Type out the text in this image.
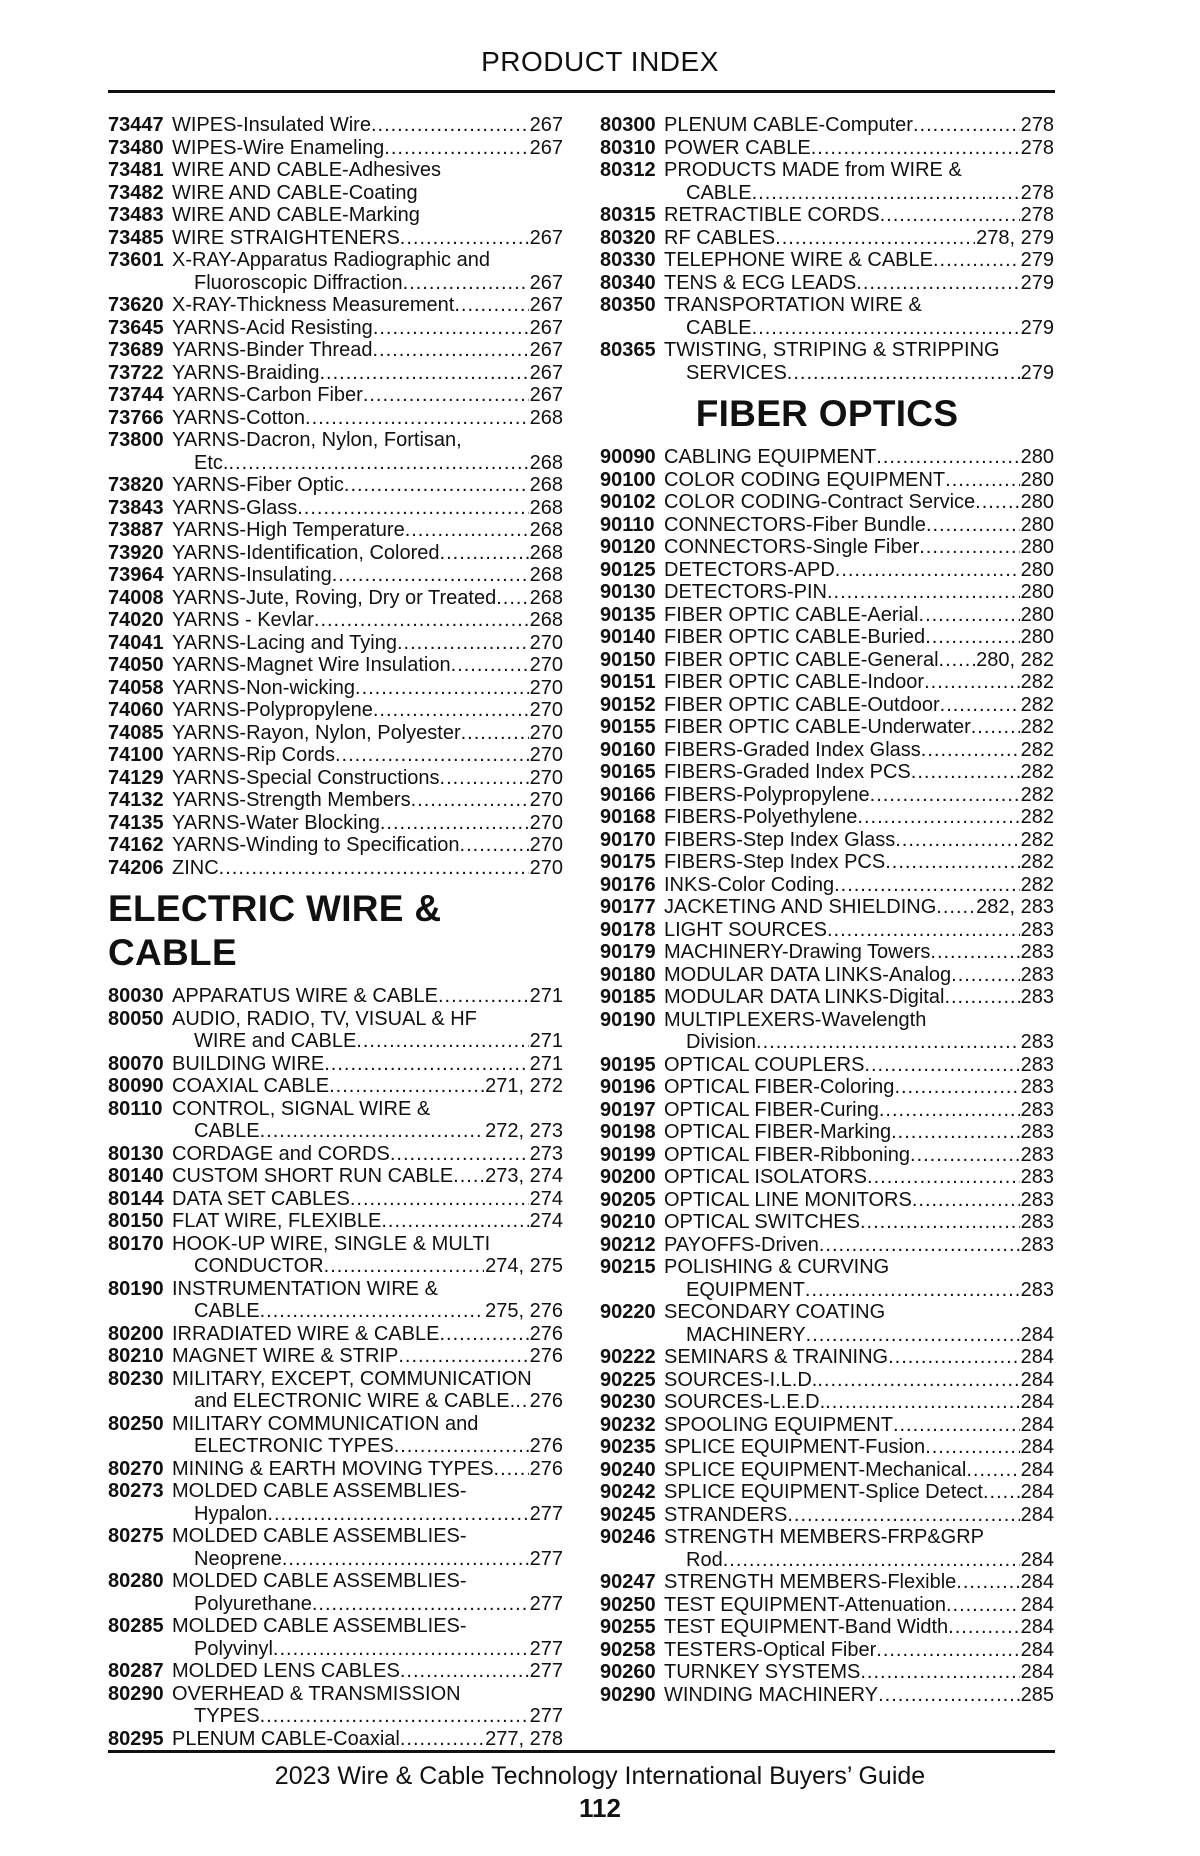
PRODUCT INDEX
73447 WIPES-Insulated Wire .....	267
73480 WIPES-Wire Enameling .....	267
73481 WIRE AND CABLE-Adhesives
73482 WIRE AND CABLE-Coating
73483 WIRE AND CABLE-Marking
73485 WIRE STRAIGHTENERS .....	267
73601 X-RAY-Apparatus Radiographic and
Fluoroscopic Diffraction .....	267
73620 X-RAY-Thickness Measurement .....	267
73645 YARNS-Acid Resisting .....	267
73689 YARNS-Binder Thread .....	267
73722 YARNS-Braiding .....	267
73744 YARNS-Carbon Fiber .....	267
73766 YARNS-Cotton .....	268
73800 YARNS-Dacron, Nylon, Fortisan,
Etc. .....	268
73820 YARNS-Fiber Optic .....	268
73843 YARNS-Glass .....	268
73887 YARNS-High Temperature .....	268
73920 YARNS-Identification, Colored .....	268
73964 YARNS-Insulating .....	268
74008 YARNS-Jute, Roving, Dry or Treated ..... 268
74020 YARNS - Kevlar .....	268
74041 YARNS-Lacing and Tying .....	270
74050 YARNS-Magnet Wire Insulation .....	270
74058 YARNS-Non-wicking .....	270
74060 YARNS-Polypropylene .....	270
74085 YARNS-Rayon, Nylon, Polyester .....	270
74100 YARNS-Rip Cords .....	270
74129 YARNS-Special Constructions .....	270
74132 YARNS-Strength Members .....	270
74135 YARNS-Water Blocking .....	270
74162 YARNS-Winding to Specification .....	270
74206 ZINC .....	270
ELECTRIC WIRE & CABLE
80030 APPARATUS WIRE & CABLE .....	271
80050 AUDIO, RADIO, TV, VISUAL & HF
WIRE and CABLE .....	271
80070 BUILDING WIRE .....	271
80090 COAXIAL CABLE .....	271, 272
80110 CONTROL, SIGNAL WIRE &
CABLE .....	272, 273
80130 CORDAGE and CORDS .....	273
80140 CUSTOM SHORT RUN CABLE ..... 273, 274
80144 DATA SET CABLES .....	274
80150 FLAT WIRE, FLEXIBLE .....	274
80170 HOOK-UP WIRE, SINGLE & MULTI
CONDUCTOR .....	274, 275
80190 INSTRUMENTATION WIRE &
CABLE .....	275, 276
80200 IRRADIATED WIRE & CABLE .....	276
80210 MAGNET WIRE & STRIP .....	276
80230 MILITARY, EXCEPT, COMMUNICATION
and ELECTRONIC WIRE & CABLE. ..... 276
80250 MILITARY COMMUNICATION and
ELECTRONIC TYPES .....	276
80270 MINING & EARTH MOVING TYPES ..... 276
80273 MOLDED CABLE ASSEMBLIES-
Hypalon .....	277
80275 MOLDED CABLE ASSEMBLIES-
Neoprene .....	277
80280 MOLDED CABLE ASSEMBLIES-
Polyurethane .....	277
80285 MOLDED CABLE ASSEMBLIES-
Polyvinyl .....	277
80287 MOLDED LENS CABLES .....	277
80290 OVERHEAD & TRANSMISSION
TYPES .....	277
80295 PLENUM CABLE-Coaxial .....	277, 278
80300 PLENUM CABLE-Computer .....	278
80310 POWER CABLE .....	278
80312 PRODUCTS MADE from WIRE &
CABLE .....	278
80315 RETRACTIBLE CORDS .....	278
80320 RF CABLES .....	278, 279
80330 TELEPHONE WIRE & CABLE .....	279
80340 TENS & ECG LEADS .....	279
80350 TRANSPORTATION WIRE &
CABLE .....	279
80365 TWISTING, STRIPING & STRIPPING
SERVICES .....	279
FIBER OPTICS
90090 CABLING EQUIPMENT .....	280
90100 COLOR CODING EQUIPMENT .....	280
90102 COLOR CODING-Contract Service ..... 280
90110 CONNECTORS-Fiber Bundle .....	280
90120 CONNECTORS-Single Fiber .....	280
90125 DETECTORS-APD .....	280
90130 DETECTORS-PIN .....	280
90135 FIBER OPTIC CABLE-Aerial .....	280
90140 FIBER OPTIC CABLE-Buried .....	280
90150 FIBER OPTIC CABLE-General ..... 280, 282
90151 FIBER OPTIC CABLE-Indoor .....	282
90152 FIBER OPTIC CABLE-Outdoor .....	282
90155 FIBER OPTIC CABLE-Underwater ..... 282
90160 FIBERS-Graded Index Glass .....	282
90165 FIBERS-Graded Index PCS .....	282
90166 FIBERS-Polypropylene .....	282
90168 FIBERS-Polyethylene .....	282
90170 FIBERS-Step Index Glass .....	282
90175 FIBERS-Step Index PCS .....	282
90176 INKS-Color Coding .....	282
90177 JACKETING AND SHIELDING ..... 282, 283
90178 LIGHT SOURCES .....	283
90179 MACHINERY-Drawing Towers .....	283
90180 MODULAR DATA LINKS-Analog .....	283
90185 MODULAR DATA LINKS-Digital .....	283
90190 MULTIPLEXERS-Wavelength
Division .....	283
90195 OPTICAL COUPLERS .....	283
90196 OPTICAL FIBER-Coloring .....	283
90197 OPTICAL FIBER-Curing .....	283
90198 OPTICAL FIBER-Marking .....	283
90199 OPTICAL FIBER-Ribboning .....	283
90200 OPTICAL ISOLATORS .....	283
90205 OPTICAL LINE MONITORS .....	283
90210 OPTICAL SWITCHES .....	283
90212 PAYOFFS-Driven .....	283
90215 POLISHING & CURVING
EQUIPMENT .....	283
90220 SECONDARY COATING
MACHINERY .....	284
90222 SEMINARS & TRAINING .....	284
90225 SOURCES-I.L.D. .....	284
90230 SOURCES-L.E.D. .....	284
90232 SPOOLING EQUIPMENT .....	284
90235 SPLICE EQUIPMENT-Fusion .....	284
90240 SPLICE EQUIPMENT-Mechanical .....	284
90242 SPLICE EQUIPMENT-Splice Detect ..... 284
90245 STRANDERS .....	284
90246 STRENGTH MEMBERS-FRP&GRP
Rod .....	284
90247 STRENGTH MEMBERS-Flexible .....	284
90250 TEST EQUIPMENT-Attenuation .....	284
90255 TEST EQUIPMENT-Band Width .....	284
90258 TESTERS-Optical Fiber .....	284
90260 TURNKEY SYSTEMS .....	284
90290 WINDING MACHINERY .....	285
2023 Wire & Cable Technology International Buyers’ Guide
112
